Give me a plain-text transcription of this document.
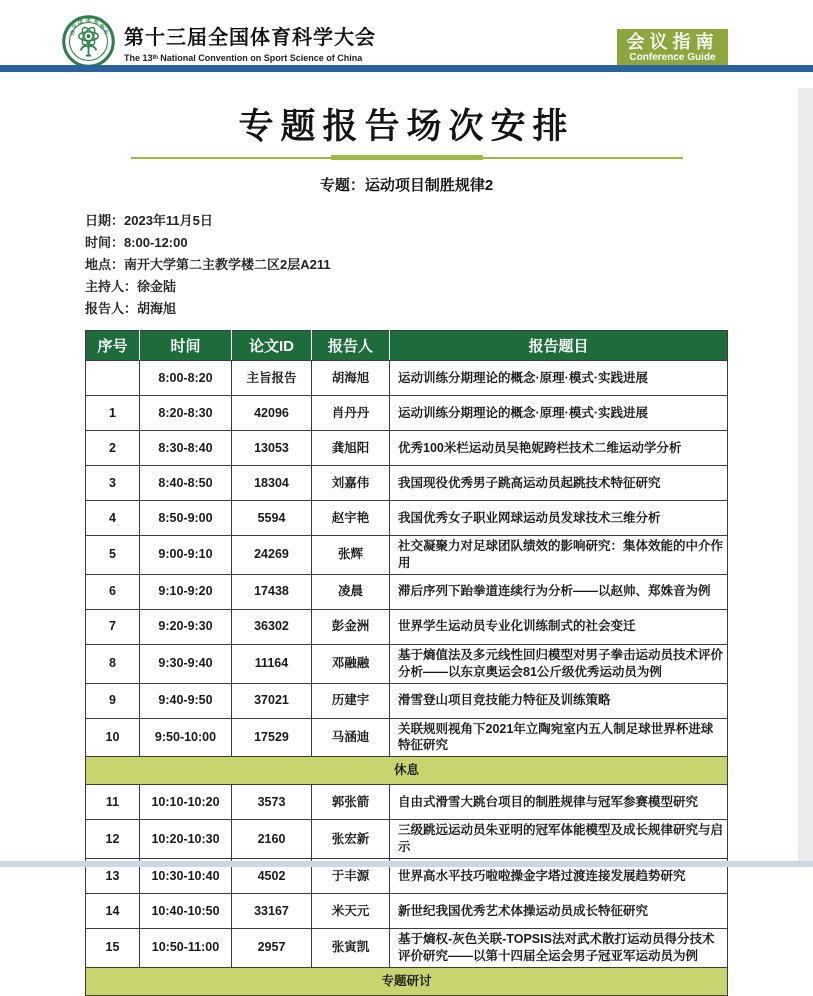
中
国 体 育
科
学
会 第十三届全国体育科学大会
The 13ᵗʰ National Convention on Sport Science of China
会议指南
Conference Guide
专题报告场次安排
专题：运动项目制胜规律2
日期：2023年11月5日
时间：8:00-12:00
地点：南开大学第二主教学楼二区2层A211
主持人：徐金陆
报告人：胡海旭
序号	时间	论文ID	报告人	报告题目
	8:00-8:20	主旨报告	胡海旭	运动训练分期理论的概念·原理·模式·实践进展
1	8:20-8:30	42096	肖丹丹	运动训练分期理论的概念·原理·模式·实践进展
2	8:30-8:40	13053	龚旭阳	优秀100米栏运动员吴艳妮跨栏技术二维运动学分析
3	8:40-8:50	18304	刘嘉伟	我国现役优秀男子跳高运动员起跳技术特征研究
4	8:50-9:00	5594	赵宇艳	我国优秀女子职业网球运动员发球技术三维分析
5	9:00-9:10	24269	张辉	社交凝聚力对足球团队绩效的影响研究：集体效能的中介作用
6	9:10-9:20	17438	凌晨	滞后序列下跆拳道连续行为分析——以赵帅、郑姝音为例
7	9:20-9:30	36302	彭金洲	世界学生运动员专业化训练制式的社会变迁
8	9:30-9:40	11164	邓融融	基于熵值法及多元线性回归模型对男子拳击运动员技术评价分析——以东京奥运会81公斤级优秀运动员为例
9	9:40-9:50	37021	历建宇	滑雪登山项目竞技能力特征及训练策略
10	9:50-10:00	17529	马涵迪	关联规则视角下2021年立陶宛室内五人制足球世界杯进球特征研究
休息				
11	10:10-10:20	3573	郭张箭	自由式滑雪大跳台项目的制胜规律与冠军参赛模型研究
12	10:20-10:30	2160	张宏新	三级跳远运动员朱亚明的冠军体能模型及成长规律研究与启示
13	10:30-10:40	4502	于丰源	世界高水平技巧啦啦操金字塔过渡连接发展趋势研究
14	10:40-10:50	33167	米天元	新世纪我国优秀艺术体操运动员成长特征研究
15	10:50-11:00	2957	张寅凯	基于熵权-灰色关联-TOPSIS法对武术散打运动员得分技术评价研究——以第十四届全运会男子冠亚军运动员为例
专题研讨				
